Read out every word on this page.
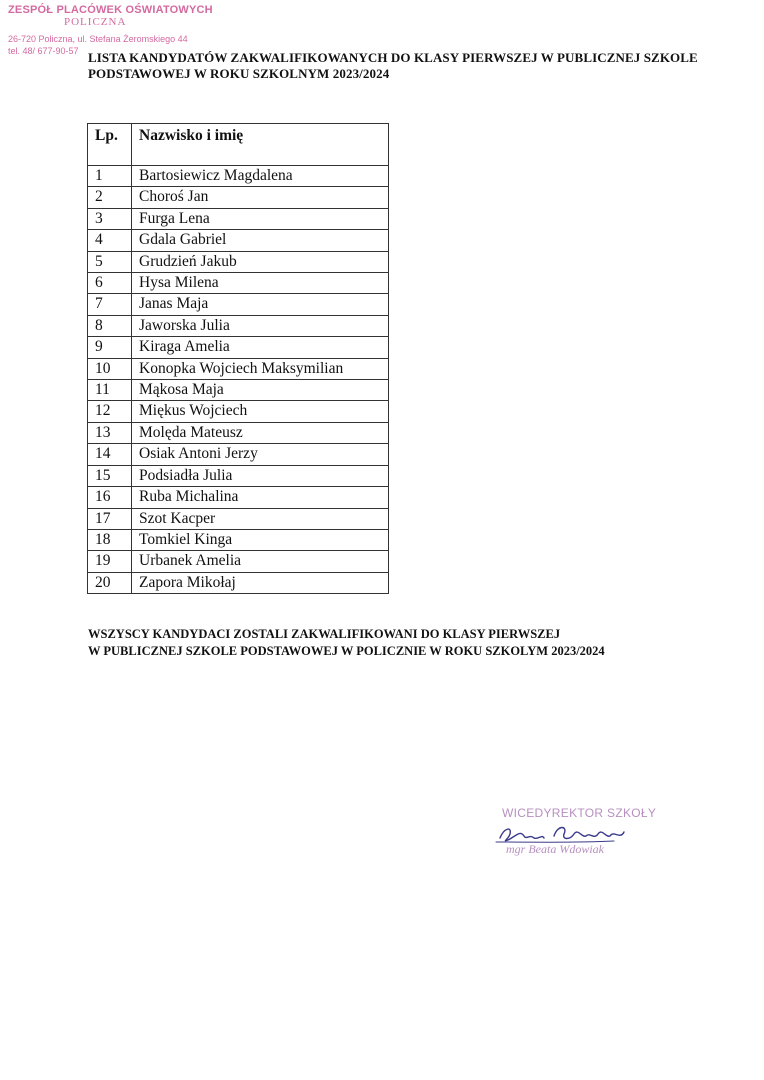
ZESPÓŁ PLACÓWEK OŚWIATOWYCH
POLICZNA
26-720 Policzna, ul. Stefana Żeromskiego 44
tel. 48/ 677-90-57 LISTA KANDYDATÓW ZAKWALIFIKOWANYCH DO KLASY PIERWSZEJ W PUBLICZNEJ SZKOLE PODSTAWOWEJ W ROKU SZKOLNYM 2023/2024
Lp.	Nazwisko i imię
1	Bartosiewicz Magdalena
2	Choroś Jan
3	Furga Lena
4	Gdala Gabriel
5	Grudzień Jakub
6	Hysa Milena
7	Janas Maja
8	Jaworska Julia
9	Kiraga Amelia
10	Konopka Wojciech Maksymilian
11	Mąkosa Maja
12	Miękus Wojciech
13	Molęda Mateusz
14	Osiak Antoni Jerzy
15	Podsiadła Julia
16	Ruba Michalina
17	Szot Kacper
18	Tomkiel Kinga
19	Urbanek Amelia
20	Zapora Mikołaj
WSZYSCY KANDYDACI ZOSTALI ZAKWALIFIKOWANI DO KLASY PIERWSZEJ
W PUBLICZNEJ SZKOLE PODSTAWOWEJ W POLICZNIE W ROKU SZKOLYM 2023/2024
WICEDYREKTOR SZKOŁY
mgr Beata Wdowiak
